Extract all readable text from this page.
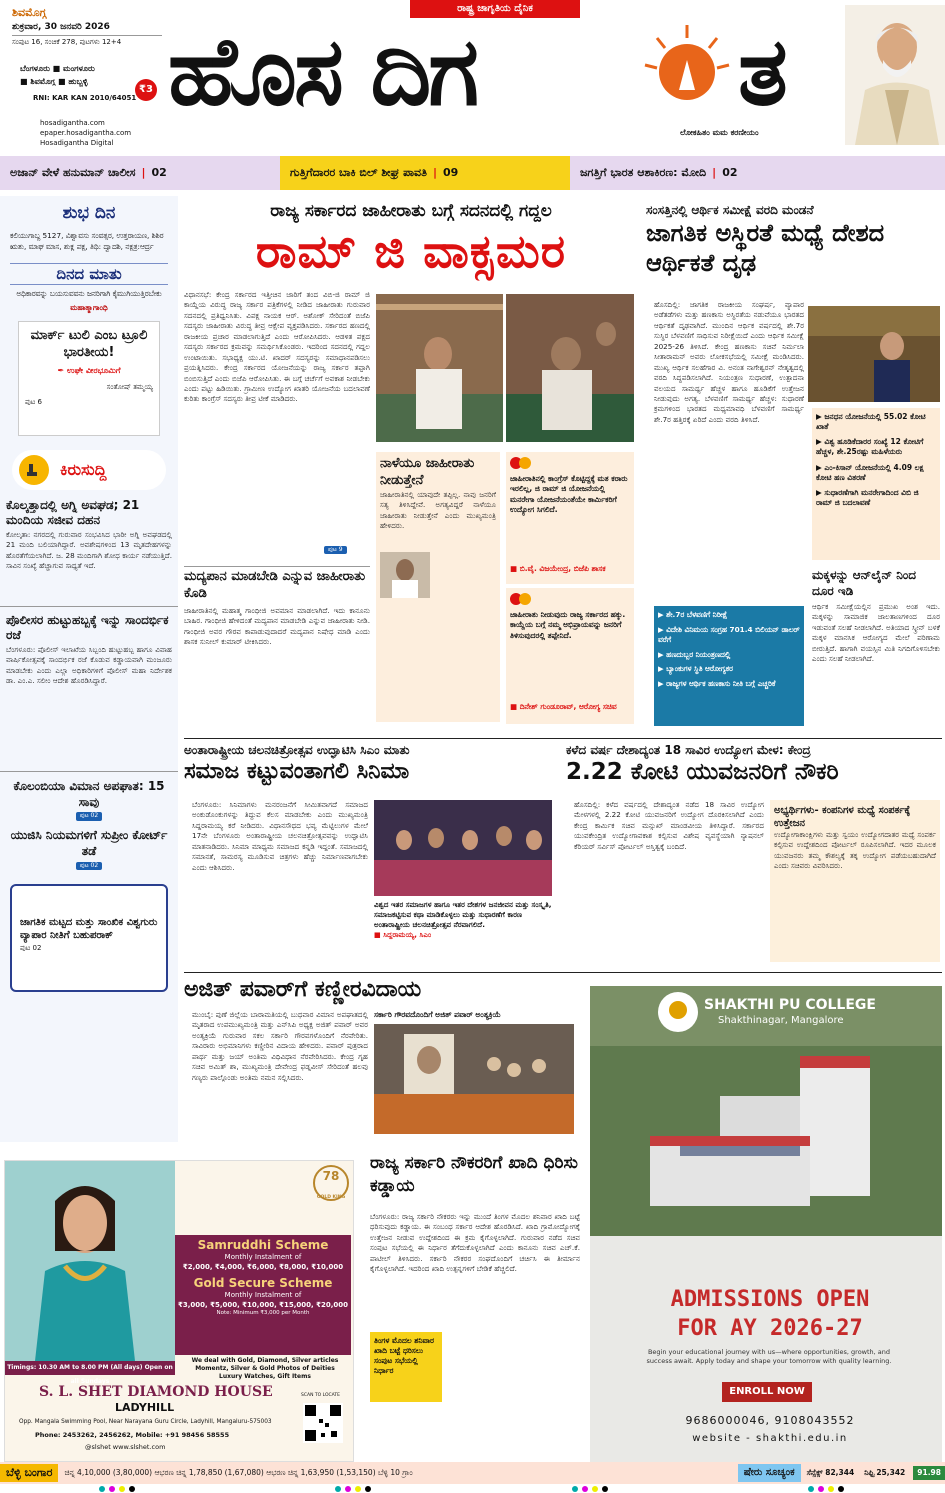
ಶಿವಮೊಗ್ಗ
ಶುಕ್ರವಾರ, 30 ಜನವರಿ 2026
ಸಂಪುಟ 16, ಸಂಚಿಕೆ 278, ಪುಟಗಳು 12+4
ಬೆಂಗಳೂರು ■ ಮಂಗಳೂರು
■ ಶಿವಮೊಗ್ಗ ■ ಹುಬ್ಬಳ್ಳಿ
₹3
RNI: KAR KAN 2010/64051
hosadigantha.com
epaper.hosadigantha.com
Hosadigantha Digital
ರಾಷ್ಟ್ರ ಜಾಗೃತಿಯ ದೈನಿಕ
ಹೊಸ ದಿಗ	ತ
ಲೋಕಹಿತಂ ಮಮ ಕರಣೀಯಂ
ಅಜಾನ್ ವೇಳೆ ಹನುಮಾನ್ ಚಾಲೀಸ | 02	ಗುತ್ತಿಗೆದಾರರ ಬಾಕಿ ಬಿಲ್ ಶೀಘ್ರ ಪಾವತಿ | 09	ಜಗತ್ತಿಗೆ ಭಾರತ ಆಶಾಕಿರಣ: ಮೋದಿ | 02
ಶುಭ ದಿನ
ಕಲಿಯುಗಾಬ್ದ 5127, ವಿಶ್ವಾವಸು ಸಂವತ್ಸರ, ಉತ್ತರಾಯಣ, ಶಿಶಿರ ಋತು, ಮಾಘ ಮಾಸ, ಶುಕ್ಲ ಪಕ್ಷ, ತಿಥಿ: ದ್ವಾದಶಿ, ನಕ್ಷತ್ರ:ಆರ್ದ್ರ
ದಿನದ ಮಾತು
ಅಧಿಕಾರವನ್ನು ಬಯಸುವವನು ಜನರಿಗಾಗಿ ಕೈಮುಗಿಯುತ್ತಿರಬೇಕು
ಮಹಾತ್ಮಾಗಾಂಧಿ
ಮಾರ್ಕ್ ಟುಲಿ ಎಂಬ ಟ್ರೂಲಿ ಭಾರತೀಯ!
✒ ಉಘೇ ವೀರಭೂಮಿಗೆ
ಸಂತೋಷ್ ತಮ್ಮಯ್ಯ
ಪುಟ 6
ಕಿರುಸುದ್ದಿ
ಕೊಲ್ಕತ್ತಾದಲ್ಲಿ ಅಗ್ನಿ ಅವಘಡ; 21 ಮಂದಿಯ ಸಜೀವ ದಹನ
ಕೋಲ್ಕತಾ: ನಗರದಲ್ಲಿ ಗುರುವಾರ ಸಂಭವಿಸಿದ ಭಾರೀ ಅಗ್ನಿ ಅವಘಡದಲ್ಲಿ 21 ಮಂದಿ ಬಲಿಯಾಗಿದ್ದಾರೆ. ಅವಶೇಷಗಳಿಂದ 13 ಮೃತದೇಹಗಳನ್ನು ಹೊರತೆಗೆಯಲಾಗಿದೆ. ಜ. 28 ಮಂದಿಗಾಗಿ ಶೋಧ ಕಾರ್ಯ ನಡೆಯುತ್ತಿದೆ. ಸಾವಿನ ಸಂಖ್ಯೆ ಹೆಚ್ಚಾಗುವ ಸಾಧ್ಯತೆ ಇದೆ.
ಪೊಲೀಸರ ಹುಟ್ಟುಹಬ್ಬಕ್ಕೆ ಇನ್ನು ಸಾಂದರ್ಭಿಕ ರಜೆ
ಬೆಂಗಳೂರು: ಪೊಲೀಸ್ ಇಲಾಖೆಯ ಸಿಬ್ಬಂದಿ ಹುಟ್ಟುಹಬ್ಬ ಹಾಗೂ ವಿವಾಹ ವಾರ್ಷಿಕೋತ್ಸವಕ್ಕೆ ಸಾಂದರ್ಭಿಕ ರಜೆ ಕೊಡುವ ಕಡ್ಡಾಯವಾಗಿ ಮಂಜೂರು ಮಾಡಬೇಕು ಎಂದು ಎಲ್ಲಾ ಅಧಿಕಾರಿಗಳಿಗೆ ಪೊಲೀಸ್ ಮಹಾ ನಿರ್ದೇಶಕ ಡಾ. ಎಂ.ಎ. ಸಲೀಂ ಆದೇಶ ಹೊರಡಿಸಿದ್ದಾರೆ.
ಕೊಲಂಬಿಯಾ ವಿಮಾನ ಅಪಘಾತ: 15 ಸಾವು
ಪುಟ 02
ಯುಜಿಸಿ ನಿಯಮಗಳಿಗೆ ಸುಪ್ರೀಂ ಕೋರ್ಟ್ ತಡೆ
ಪುಟ 02
ಜಾಗತಿಕ ಮಟ್ಟದ ಮತ್ತು ಸಾಂಖಿಕ ವಿಶ್ವಗುರು ವ್ಯಾಪಾರ ನೀತಿಗೆ ಬಹುಪರಾಕ್
ಪುಟ 02
ರಾಜ್ಯ ಸರ್ಕಾರದ ಜಾಹೀರಾತು ಬಗ್ಗೆ ಸದನದಲ್ಲಿ ಗದ್ದಲ
ರಾಮ್ ಜಿ ವಾಕ್ಸಮರ
ವಿಧಾನಸಭೆ: ಕೇಂದ್ರ ಸರ್ಕಾರದ ಇತ್ತೀಚಿನ ಜಾರಿಗೆ ತಂದ ವಿಬಿ-ಜಿ ರಾಮ್ ಜಿ ಕಾಯ್ದೆಯ ವಿರುದ್ಧ ರಾಜ್ಯ ಸರ್ಕಾರ ಪತ್ರಿಕೆಗಳಲ್ಲಿ ನೀಡಿದ ಜಾಹೀರಾತು ಗುರುವಾರ ಸದನದಲ್ಲಿ ಪ್ರತಿಧ್ವನಿಸಿತು. ವಿಪಕ್ಷ ನಾಯಕ ಆರ್. ಅಶೋಕ್ ಸೇರಿದಂತೆ ಬಿಜೆಪಿ ಸದಸ್ಯರು ಜಾಹೀರಾತು ವಿರುದ್ಧ ತೀವ್ರ ಆಕ್ಷೇಪ ವ್ಯಕ್ತಪಡಿಸಿದರು. ಸರ್ಕಾರದ ಹಣದಲ್ಲಿ ರಾಜಕೀಯ ಪ್ರಚಾರ ಮಾಡಲಾಗುತ್ತಿದೆ ಎಂದು ಆರೋಪಿಸಿದರು. ಆಡಳಿತ ಪಕ್ಷದ ಸದಸ್ಯರು ಸರ್ಕಾರದ ಕ್ರಮವನ್ನು ಸಮರ್ಥಿಸಿಕೊಂಡರು. ಇದರಿಂದ ಸದನದಲ್ಲಿ ಗದ್ದಲ ಉಂಟಾಯಿತು. ಸಭಾಧ್ಯಕ್ಷ ಯು.ಟಿ. ಖಾದರ್ ಸದಸ್ಯರನ್ನು ಸಮಾಧಾನಪಡಿಸಲು ಪ್ರಯತ್ನಿಸಿದರು. ಕೇಂದ್ರ ಸರ್ಕಾರದ ಯೋಜನೆಯನ್ನು ರಾಜ್ಯ ಸರ್ಕಾರ ತಪ್ಪಾಗಿ ಬಿಂಬಿಸುತ್ತಿದೆ ಎಂದು ಬಿಜೆಪಿ ಆರೋಪಿಸಿತು. ಈ ಬಗ್ಗೆ ಚರ್ಚೆಗೆ ಅವಕಾಶ ನೀಡಬೇಕು ಎಂದು ಪಟ್ಟು ಹಿಡಿಯಿತು. ಗ್ರಾಮೀಣ ಉದ್ಯೋಗ ಖಾತರಿ ಯೋಜನೆಯ ಬದಲಾವಣೆ ಕುರಿತು ಕಾಂಗ್ರೆಸ್ ಸದಸ್ಯರು ತೀವ್ರ ಟೀಕೆ ಮಾಡಿದರು.
ಪುಟ 9
ನಾಳೆಯೂ ಜಾಹೀರಾತು ನೀಡುತ್ತೇನೆ
ಜಾಹೀರಾತಿನಲ್ಲಿ ಯಾವುದೇ ತಪ್ಪಿಲ್ಲ. ನಾವು ಜನರಿಗೆ ಸತ್ಯ ತಿಳಿಸಿದ್ದೇವೆ. ಅಗತ್ಯವಿದ್ದರೆ ನಾಳೆಯೂ ಜಾಹೀರಾತು ನೀಡುತ್ತೇನೆ ಎಂದು ಮುಖ್ಯಮಂತ್ರಿ ಹೇಳಿದರು.
ಜಾಹೀರಾತಿನಲ್ಲಿ ಕಾಂಗ್ರೆಸ್ ಕೊಟ್ಟಿದ್ದಕ್ಕೆ ಮತ ಕರಾರು ಇರಲಿಲ್ಲ, ಜಿ ರಾಮ್ ಜಿ ಯೋಜನೆಯಲ್ಲಿ ಮನರೇಗಾ ಯೋಜನೆಯಂತೆಯೇ ಕಾರ್ಮಿಕರಿಗೆ ಉದ್ಯೋಗ ಸಿಗಲಿದೆ.
■ ಬಿ.ವೈ. ವಿಜಯೇಂದ್ರ, ಬಿಜೆಪಿ ಶಾಸಕ
ಜಾಹೀರಾತು ನೀಡುವುದು ರಾಜ್ಯ ಸರ್ಕಾರದ ಹಕ್ಕು. ಕಾಯ್ದೆಯ ಬಗ್ಗೆ ನಮ್ಮ ಅಭಿಪ್ರಾಯವನ್ನು ಜನರಿಗೆ ತಿಳಿಸುವುದರಲ್ಲಿ ತಪ್ಪೇನಿದೆ.
■ ದಿನೇಶ್ ಗುಂಡೂರಾವ್, ಆರೋಗ್ಯ ಸಚಿವ
ಮದ್ಯಪಾನ ಮಾಡಬೇಡಿ ಎನ್ನುವ ಜಾಹೀರಾತು ಕೊಡಿ
ಜಾಹೀರಾತಿನಲ್ಲಿ ಮಹಾತ್ಮ ಗಾಂಧೀಜಿ ಅವಮಾನ ಮಾಡಲಾಗಿದೆ. ಇದು ಕಾನೂನು ಬಾಹಿರ. ಗಾಂಧೀಜಿ ಹೇಳಿದಂತೆ ಮದ್ಯಪಾನ ಮಾಡಬೇಡಿ ಎನ್ನುವ ಜಾಹೀರಾತು ನೀಡಿ. ಗಾಂಧೀಜಿ ಅವರ ಗೌರವ ಕಾಪಾಡುವುದಾದರೆ ಮದ್ಯಪಾನ ನಿಷೇಧ ಮಾಡಿ ಎಂದು ಶಾಸಕ ಸುನೀಲ್ ಕುಮಾರ್ ಟೀಕಿಸಿದರು.
ಸಂಸತ್ತಿನಲ್ಲಿ ಆರ್ಥಿಕ ಸಮೀಕ್ಷೆ ವರದಿ ಮಂಡನೆ
ಜಾಗತಿಕ ಅಸ್ಥಿರತೆ ಮಧ್ಯೆ ದೇಶದ ಆರ್ಥಿಕತೆ ದೃಢ
ಹೊಸದಿಲ್ಲಿ: ಜಾಗತಿಕ ರಾಜಕೀಯ ಸಂಘರ್ಷ, ವ್ಯಾಪಾರ ಅಡೆತಡೆಗಳು ಮತ್ತು ಹಣಕಾಸು ಅಸ್ಥಿರತೆಯ ನಡುವೆಯೂ ಭಾರತದ ಆರ್ಥಿಕತೆ ದೃಢವಾಗಿದೆ. ಮುಂದಿನ ಆರ್ಥಿಕ ವರ್ಷದಲ್ಲಿ ಶೇ.7ರ ಸುಸ್ಥಿರ ಬೆಳವಣಿಗೆ ಸಾಧಿಸುವ ನಿರೀಕ್ಷೆಯಿದೆ ಎಂದು ಆರ್ಥಿಕ ಸಮೀಕ್ಷೆ 2025-26 ತಿಳಿಸಿದೆ. ಕೇಂದ್ರ ಹಣಕಾಸು ಸಚಿವೆ ನಿರ್ಮಲಾ ಸೀತಾರಾಮನ್ ಅವರು ಲೋಕಸಭೆಯಲ್ಲಿ ಸಮೀಕ್ಷೆ ಮಂಡಿಸಿದರು. ಮುಖ್ಯ ಆರ್ಥಿಕ ಸಲಹೆಗಾರ ವಿ. ಅನಂತ ನಾಗೇಶ್ವರನ್ ನೇತೃತ್ವದಲ್ಲಿ ವರದಿ ಸಿದ್ಧಪಡಿಸಲಾಗಿದೆ. ನಿಯಂತ್ರಣ ಸುಧಾರಣೆ, ಉತ್ಪಾದನಾ ವಲಯದ ಸಾಮರ್ಥ್ಯ ಹೆಚ್ಚಳ ಹಾಗೂ ಹೂಡಿಕೆಗೆ ಉತ್ತೇಜನ ನೀಡುವುದು ಅಗತ್ಯ. ಬೆಳವಣಿಗೆ ಸಾಮರ್ಥ್ಯ ಹೆಚ್ಚಳ: ಸುಧಾರಣೆ ಕ್ರಮಗಳಿಂದ ಭಾರತದ ಮಧ್ಯಮಾವಧಿ ಬೆಳವಣಿಗೆ ಸಾಮರ್ಥ್ಯ ಶೇ.7ರ ಹತ್ತಿರಕ್ಕೆ ಏರಿದೆ ಎಂದು ವರದಿ ತಿಳಿಸಿದೆ.	▶ ಜನಧನ ಯೋಜನೆಯಲ್ಲಿ 55.02 ಕೋಟಿ ಖಾತೆ
▶ ವಿಶ್ವ ಹೂಡಿಕೆದಾರರ ಸಂಖ್ಯೆ 12 ಕೋಟಿಗೆ ಹೆಚ್ಚಳ, ಶೇ.25ರಷ್ಟು ಮಹಿಳೆಯರು
▶ ಎಂ-ಕಿಸಾನ್ ಯೋಜನೆಯಲ್ಲಿ 4.09 ಲಕ್ಷ ಕೋಟಿ ಹಣ ವಿತರಣೆ
▶ ಸುಧಾರಣೆಗಾಗಿ ಮನರೇಗಾದಿಂದ ವಿಬಿ ಜಿ ರಾಮ್ ಜಿ ಬದಲಾವಣೆ
▶ ಶೇ.7ರ ಬೆಳವಣಿಗೆ ನಿರೀಕ್ಷೆ
▶ ವಿದೇಶಿ ವಿನಿಮಯ ಸಂಗ್ರಹ 701.4 ಬಿಲಿಯನ್ ಡಾಲರ್ ವರೆಗೆ
▶ ಹಣದುಬ್ಬರ ನಿಯಂತ್ರಣದಲ್ಲಿ
▶ ಬ್ಯಾಂಕುಗಳ ಸ್ಥಿತಿ ಆರೋಗ್ಯಕರ
▶ ರಾಜ್ಯಗಳ ಆರ್ಥಿಕ ಹಣಕಾಸು ನೀತಿ ಬಗ್ಗೆ ಎಚ್ಚರಿಕೆ
ಮಕ್ಕಳನ್ನು ಆನ್‌ಲೈನ್ ನಿಂದ ದೂರ ಇಡಿ
ಆರ್ಥಿಕ ಸಮೀಕ್ಷೆಯಲ್ಲಿನ ಪ್ರಮುಖ ಅಂಶ ಇದು. ಮಕ್ಕಳನ್ನು ಸಾಮಾಜಿಕ ಜಾಲತಾಣಗಳಿಂದ ದೂರ ಇಡುವಂತೆ ಸಲಹೆ ನೀಡಲಾಗಿದೆ. ಅತಿಯಾದ ಸ್ಕ್ರೀನ್ ಬಳಕೆ ಮಕ್ಕಳ ಮಾನಸಿಕ ಆರೋಗ್ಯದ ಮೇಲೆ ಪರಿಣಾಮ ಬೀರುತ್ತಿದೆ. ಹಾಗಾಗಿ ವಯಸ್ಸಿನ ಮಿತಿ ನಿಗದಿಗೊಳಿಸಬೇಕು ಎಂದು ಸಲಹೆ ನೀಡಲಾಗಿದೆ.
ಅಂತಾರಾಷ್ಟ್ರೀಯ ಚಲನಚಿತ್ರೋತ್ಸವ ಉದ್ಘಾಟಿಸಿ ಸಿಎಂ ಮಾತು
ಸಮಾಜ ಕಟ್ಟುವಂತಾಗಲಿ ಸಿನಿಮಾ
ಬೆಂಗಳೂರು: ಸಿನಿಮಾಗಳು ಮನರಂಜನೆಗೆ ಸೀಮಿತವಾಗದೆ ಸಮಾಜದ ಅಂಕುಡೊಂಕುಗಳನ್ನು ತಿದ್ದುವ ಕೆಲಸ ಮಾಡಬೇಕು ಎಂದು ಮುಖ್ಯಮಂತ್ರಿ ಸಿದ್ದರಾಮಯ್ಯ ಕರೆ ನೀಡಿದರು. ವಿಧಾನಸೌಧದ ಭವ್ಯ ಮೆಟ್ಟಿಲುಗಳ ಮೇಲೆ 17ನೇ ಬೆಂಗಳೂರು ಅಂತಾರಾಷ್ಟ್ರೀಯ ಚಲನಚಿತ್ರೋತ್ಸವವನ್ನು ಉದ್ಘಾಟಿಸಿ ಮಾತನಾಡಿದರು. ಸಿನಿಮಾ ಮಾಧ್ಯಮ ಸಮಾಜದ ಕನ್ನಡಿ ಇದ್ದಂತೆ. ಸಮಾಜದಲ್ಲಿ ಸಮಾನತೆ, ಸಾಮರಸ್ಯ ಮೂಡಿಸುವ ಚಿತ್ರಗಳು ಹೆಚ್ಚು ನಿರ್ಮಾಣವಾಗಬೇಕು ಎಂದು ಆಶಿಸಿದರು.
ವಿಶ್ವದ ಇತರ ಸಮಾಜಗಳ ಹಾಗೂ ಇತರ ದೇಶಗಳ ಜನಜೀವನ ಮತ್ತು ಸಂಸ್ಕೃತಿ, ಸಮಾಜಕಟ್ಟಿಸುವ ಕಥಾ ಮಾಡಿಕೊಳ್ಳಲು ಮತ್ತು ಸುಧಾರಣೆಗೆ ಕಾರಣ ಅಂತಾರಾಷ್ಟ್ರೀಯ ಚಲನಚಿತ್ರೋತ್ಸವ ನೆರವಾಗಲಿದೆ.
■ ಸಿದ್ದರಾಮಯ್ಯ, ಸಿಎಂ
ಕಳೆದ ವರ್ಷ ದೇಶಾದ್ಯಂತ 18 ಸಾವಿರ ಉದ್ಯೋಗ ಮೇಳ: ಕೇಂದ್ರ
2.22 ಕೋಟಿ ಯುವಜನರಿಗೆ ನೌಕರಿ
ಹೊಸದಿಲ್ಲಿ: ಕಳೆದ ವರ್ಷದಲ್ಲಿ ದೇಶಾದ್ಯಂತ ನಡೆದ 18 ಸಾವಿರ ಉದ್ಯೋಗ ಮೇಳಗಳಲ್ಲಿ 2.22 ಕೋಟಿ ಯುವಜನರಿಗೆ ಉದ್ಯೋಗ ದೊರಕಿಸಲಾಗಿದೆ ಎಂದು ಕೇಂದ್ರ ಕಾರ್ಮಿಕ ಸಚಿವ ಮನ್ಸುಖ್ ಮಾಂಡವೀಯ ತಿಳಿಸಿದ್ದಾರೆ. ಸರ್ಕಾರದ ಯುವಕೇಂದ್ರಿತ ಉದ್ಯೋಗಾವಕಾಶ ಕಲ್ಪಿಸುವ ವಿಶೇಷ ವ್ಯವಸ್ಥೆಯಾಗಿ ನ್ಯಾಷನಲ್ ಕೆರಿಯರ್ ಸರ್ವಿಸ್ ಪೋರ್ಟಲ್ ಅಸ್ತಿತ್ವಕ್ಕೆ ಬಂದಿದೆ.
ಅಭ್ಯರ್ಥಿಗಳು- ಕಂಪನಿಗಳ ಮಧ್ಯೆ ಸಂಪರ್ಕಕ್ಕೆ ಉತ್ತೇಜನ
ಉದ್ಯೋಗಾಕಾಂಕ್ಷಿಗಳು ಮತ್ತು ಸ್ವಯಂ ಉದ್ಯೋಗದಾತರ ಮಧ್ಯೆ ಸಂಪರ್ಕ ಕಲ್ಪಿಸುವ ಉದ್ದೇಶದಿಂದ ಪೋರ್ಟಲ್ ರೂಪಿಸಲಾಗಿದೆ. ಇದರ ಮೂಲಕ ಯುವಜನರು ತಮ್ಮ ಕೌಶಲ್ಯಕ್ಕೆ ತಕ್ಕ ಉದ್ಯೋಗ ಪಡೆಯಬಹುದಾಗಿದೆ ಎಂದು ಸಚಿವರು ವಿವರಿಸಿದರು.
ಅಜಿತ್ ಪವಾರ್‌ಗೆ ಕಣ್ಣೀರವಿದಾಯ
ಮುಂಬೈ: ಪುಣೆ ಜಿಲ್ಲೆಯ ಬಾರಾಮತಿಯಲ್ಲಿ ಬುಧವಾರ ವಿಮಾನ ಅಪಘಾತದಲ್ಲಿ ಮೃತರಾದ ಉಪಮುಖ್ಯಮಂತ್ರಿ ಮತ್ತು ಎನ್‌ಸಿಪಿ ಅಧ್ಯಕ್ಷ ಅಜಿತ್ ಪವಾರ್ ಅವರ ಅಂತ್ಯಕ್ರಿಯೆ ಗುರುವಾರ ಸಕಲ ಸರ್ಕಾರಿ ಗೌರವಗಳೊಂದಿಗೆ ನೆರವೇರಿತು. ಸಾವಿರಾರು ಅಭಿಮಾನಿಗಳು ಕಣ್ಣೀರಿನ ವಿದಾಯ ಹೇಳಿದರು. ಪವಾರ್ ಪುತ್ರರಾದ ಪಾರ್ಥ ಮತ್ತು ಜಯ್ ಅಂತಿಮ ವಿಧಿವಿಧಾನ ನೆರವೇರಿಸಿದರು. ಕೇಂದ್ರ ಗೃಹ ಸಚಿವ ಅಮಿತ್ ಶಾ, ಮುಖ್ಯಮಂತ್ರಿ ದೇವೇಂದ್ರ ಫಡ್ನವೀಸ್ ಸೇರಿದಂತೆ ಹಲವು ಗಣ್ಯರು ಪಾಲ್ಗೊಂಡು ಅಂತಿಮ ನಮನ ಸಲ್ಲಿಸಿದರು.
ಸರ್ಕಾರಿ ಗೌರವದೊಂದಿಗೆ ಅಜಿತ್ ಪವಾರ್ ಅಂತ್ಯಕ್ರಿಯೆ
SHAKTHI PU COLLEGE
Shakthinagar, Mangalore
ADMISSIONS OPEN FOR AY 2026-27
Begin your educational journey with us—where opportunities, growth, and success await. Apply today and shape your tomorrow with quality learning.
ENROLL NOW
9686000046, 9108043552
website - shakthi.edu.in
ರಾಜ್ಯ ಸರ್ಕಾರಿ ನೌಕರರಿಗೆ ಖಾದಿ ಧಿರಿಸು ಕಡ್ಡಾಯ
ಬೆಂಗಳೂರು: ರಾಜ್ಯ ಸರ್ಕಾರಿ ನೌಕರರು ಇನ್ನು ಮುಂದೆ ತಿಂಗಳ ಮೊದಲ ಶನಿವಾರ ಖಾದಿ ಬಟ್ಟೆ ಧರಿಸುವುದು ಕಡ್ಡಾಯ. ಈ ಸಂಬಂಧ ಸರ್ಕಾರ ಆದೇಶ ಹೊರಡಿಸಿದೆ. ಖಾದಿ ಗ್ರಾಮೋದ್ಯೋಗಕ್ಕೆ ಉತ್ತೇಜನ ನೀಡುವ ಉದ್ದೇಶದಿಂದ ಈ ಕ್ರಮ ಕೈಗೊಳ್ಳಲಾಗಿದೆ. ಗುರುವಾರ ನಡೆದ ಸಚಿವ ಸಂಪುಟ ಸಭೆಯಲ್ಲಿ ಈ ನಿರ್ಧಾರ ತೆಗೆದುಕೊಳ್ಳಲಾಗಿದೆ ಎಂದು ಕಾನೂನು ಸಚಿವ ಎಚ್.ಕೆ. ಪಾಟೀಲ್ ತಿಳಿಸಿದರು. ಸರ್ಕಾರಿ ನೌಕರರ ಸಂಘದೊಂದಿಗೆ ಚರ್ಚಿಸಿ ಈ ತೀರ್ಮಾನ ಕೈಗೊಳ್ಳಲಾಗಿದೆ. ಇದರಿಂದ ಖಾದಿ ಉತ್ಪನ್ನಗಳಿಗೆ ಬೇಡಿಕೆ ಹೆಚ್ಚಲಿದೆ.
ತಿಂಗಳ ಮೊದಲ ಶನಿವಾರ ಖಾದಿ ಬಟ್ಟೆ ಧರಿಸಲು ಸಂಪುಟ ಸಭೆಯಲ್ಲಿ ನಿರ್ಧಾರ
78
GOLD KING
Samruddhi Scheme
Monthly Instalment of
₹2,000, ₹4,000, ₹6,000, ₹8,000, ₹10,000
Gold Secure Scheme
Monthly Instalment of
₹3,000, ₹5,000, ₹10,000, ₹15,000, ₹20,000
Note: Minimum ₹3,000 per Month
We deal with Gold, Diamond, Silver articles Momentz, Silver & Gold Photos of Deities Luxury Watches, Gift Items
Timings: 10.30 AM to 8.00 PM (All days) Open on all Sundays
S. L. SHET DIAMOND HOUSE
LADYHILL
Opp. Mangala Swimming Pool, Near Narayana Guru Circle, Ladyhill, Mangaluru-575003
Phone: 2453262, 2456262, Mobile: +91 98456 58555
@slshet www.slshet.com
SCAN TO LOCATE
ಬೆಳ್ಳಿ ಬಂಗಾರ	ಚಿನ್ನ 4,10,000 (3,80,000) ಆಭರಣ ಚಿನ್ನ 1,78,850 (1,67,080) ಆಭರಣ ಚಿನ್ನ 1,63,950 (1,53,150) ಬೆಳ್ಳಿ 10 ಗ್ರಾಂ	ಷೇರು ಸೂಚ್ಯಂಕ	ಸೆನ್ಸೆಕ್ಸ್ 82,344 ನಿಫ್ಟಿ 25,342	91.98
